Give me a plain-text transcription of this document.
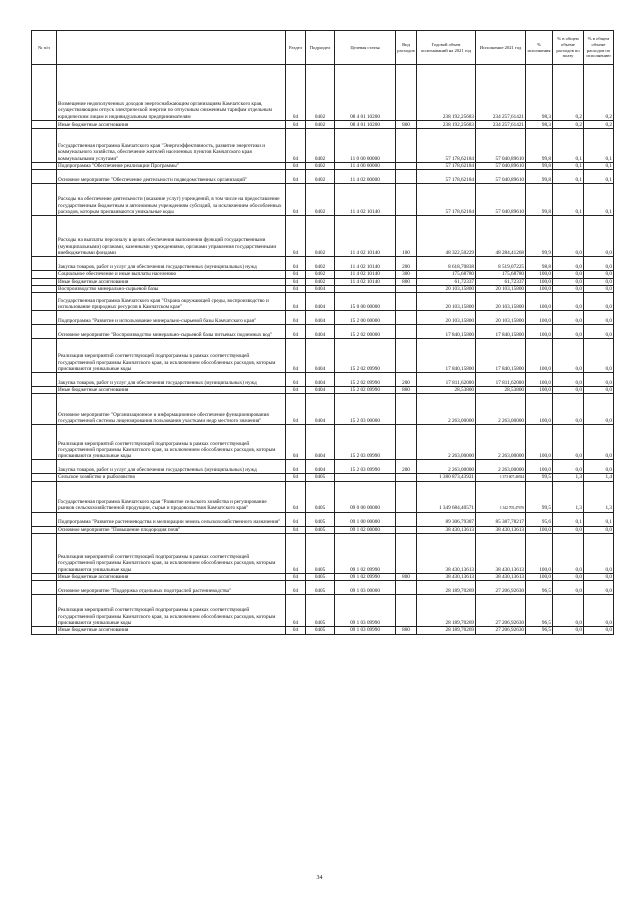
№ п/п		Раздел	Подраздел	Целевая статья	Вид расходов	Годовой объем ассигнований на 2021 год	Исполнение 2021 год	% исполнения	% в общем объеме расходов по поазу	% в общем объеме расходов по исполнению
	Возмещение недополученных доходов энергоснабжающим организациям Камчатского края, осуществляющим отпуск электрической энергии по отпускным сниженным тарифам отдельным юридическим лицам и индивидуальным предпринимателям	04	0402	08 4 01 10200		238 192,25683	234 257,61421	98,3	0,2	0,2
	Иные бюджетные ассигнования	04	0402	08 4 01 10200	800	238 192,25683	234 257,61421	98,3	0,2	0,2
	Государственная программа Камчатского края "Энергоэффективность, развитие энергетики и коммунального хозяйства, обеспечение жителей населенных пунктов Камчатского края коммунальными услугами"	04	0402	11 0 00 00000		57 178,62184	57 040,89610	99,8	0,1	0,1
	Подпрограмма "Обеспечение реализации Программы"	04	0402	11 4 00 00000		57 178,62184	57 040,89610	99,8	0,1	0,1
	Основное мероприятие "Обеспечение деятельности подведомственных организаций"	04	0402	11 4 02 00000		57 178,62184	57 040,89610	99,8	0,1	0,1
	Расходы на обеспечение деятельности (оказание услуг) учреждений, в том числе на предоставление государственным бюджетным и автономным учреждениям субсидий, за исключением обособленных расходов, которым присваиваются уникальные коды	04	0402	11 4 02 10140		57 178,62184	57 040,89610	99,8	0,1	0,1
	Расходы на выплаты персоналу в целях обеспечения выполнения функций государственными (муниципальными) органами, казенными учреждениями, органами управления государственными внебюджетными фондами	04	0402	11 4 02 10140	100	48 322,50229	48 284,41268	99,9	0,0	0,0
	Закупка товаров, работ и услуг для обеспечения государственных (муниципальных) нужд	04	0402	11 4 02 10140	200	8 618,70838	8 519,07225	98,8	0,0	0,0
	Социальное обеспечение и иные выплаты населению	04	0402	11 4 02 10140	300	175,68780	175,68780	100,0	0,0	0,0
	Иные бюджетные ассигнования	04	0402	11 4 02 10140	800	61,72337	61,72337	100,0	0,0	0,0
	Воспроизводство минерально-сырьевой базы	04	0404			20 103,15800	20 103,15800	100,0	0,0	0,0
	Государственная программа Камчатского края "Охрана окружающей среды, воспроизводство и использование природных ресурсов в Камчатском крае"	04	0404	15 0 00 00000		20 103,15800	20 103,15800	100,0	0,0	0,0
	Подпрограмма "Развитие и использование минерально-сырьевой базы Камчатского края"	04	0404	15 2 00 00000		20 103,15800	20 103,15800	100,0	0,0	0,0
	Основное мероприятие "Воспроизводство минерально-сырьевой базы питьевых подземных вод"	04	0404	15 2 02 00000		17 840,15800	17 840,15800	100,0	0,0	0,0
	Реализация мероприятий соответствующей подпрограммы в рамках соответствующей государственной программы Камчатского края, за исключением обособленных расходов, которым присваиваются уникальные коды	04	0404	15 2 02 09990		17 840,15800	17 840,15800	100,0	0,0	0,0
	Закупка товаров, работ и услуг для обеспечения государственных (муниципальных) нужд	04	0404	15 2 02 09990	200	17 811,62000	17 811,62000	100,0	0,0	0,0
	Иные бюджетные ассигнования	04	0404	15 2 02 09990	800	28,53800	28,53800	100,0	0,0	0,0
	Основное мероприятие "Организационное и информационное обеспечение функционирования государственной системы лицензирования пользования участками недр местного значения"	04	0404	15 2 03 00000		2 263,00000	2 263,00000	100,0	0,0	0,0
	Реализация мероприятий соответствующей подпрограммы в рамках соответствующей государственной программы Камчатского края, за исключением обособленных расходов, которым присваиваются уникальные коды	04	0404	15 2 03 09990		2 263,00000	2 263,00000	100,0	0,0	0,0
	Закупка товаров, работ и услуг для обеспечения государственных (муниципальных) нужд	04	0404	15 2 03 09990	200	2 263,00000	2 263,00000	100,0	0,0	0,0
	Сельское хозяйство и рыболовство	04	0405			1 380 873,43921	1 373 607,46924	99,5	1,3	1,4
	Государственная программа Камчатского края "Развитие сельского хозяйства и регулирование рынков сельскохозяйственной продукции, сырья и продовольствия Камчатского края"	04	0405	09 0 00 00000		1 349 684,40571	1 342 705,47676	99,5	1,3	1,3
	Подпрограмма "Развитие растениеводства и мелиорации земель сельскохозяйственного назначения"	04	0405	09 1 00 00000		89 306,79387	85 387,78217	95,6	0,1	0,1
	Основное мероприятие "Повышение плодородия почв"	04	0405	09 1 02 00000		38 430,13613	38 430,13613	100,0	0,0	0,0
	Реализация мероприятий соответствующей подпрограммы в рамках соответствующей государственной программы Камчатского края, за исключением обособленных расходов, которым присваиваются уникальные коды	04	0405	09 1 02 09990		38 430,13613	38 430,13613	100,0	0,0	0,0
	Иные бюджетные ассигнования	04	0405	09 1 02 09990	800	38 430,13613	38 430,13613	100,0	0,0	0,0
	Основное мероприятие "Поддержка отдельных подотраслей растениеводства"	04	0405	09 1 03 00000		28 189,70269	27 206,92630	96,5	0,0	0,0
	Реализация мероприятий соответствующей подпрограммы в рамках соответствующей государственной программы Камчатского края, за исключением обособленных расходов, которым присваиваются уникальные коды	04	0405	09 1 03 09990		28 189,70269	27 206,92630	96,5	0,0	0,0
	Иные бюджетные ассигнования	04	0405	09 1 03 09990	800	28 189,70269	27 206,92630	96,5	0,0	0,0
34
